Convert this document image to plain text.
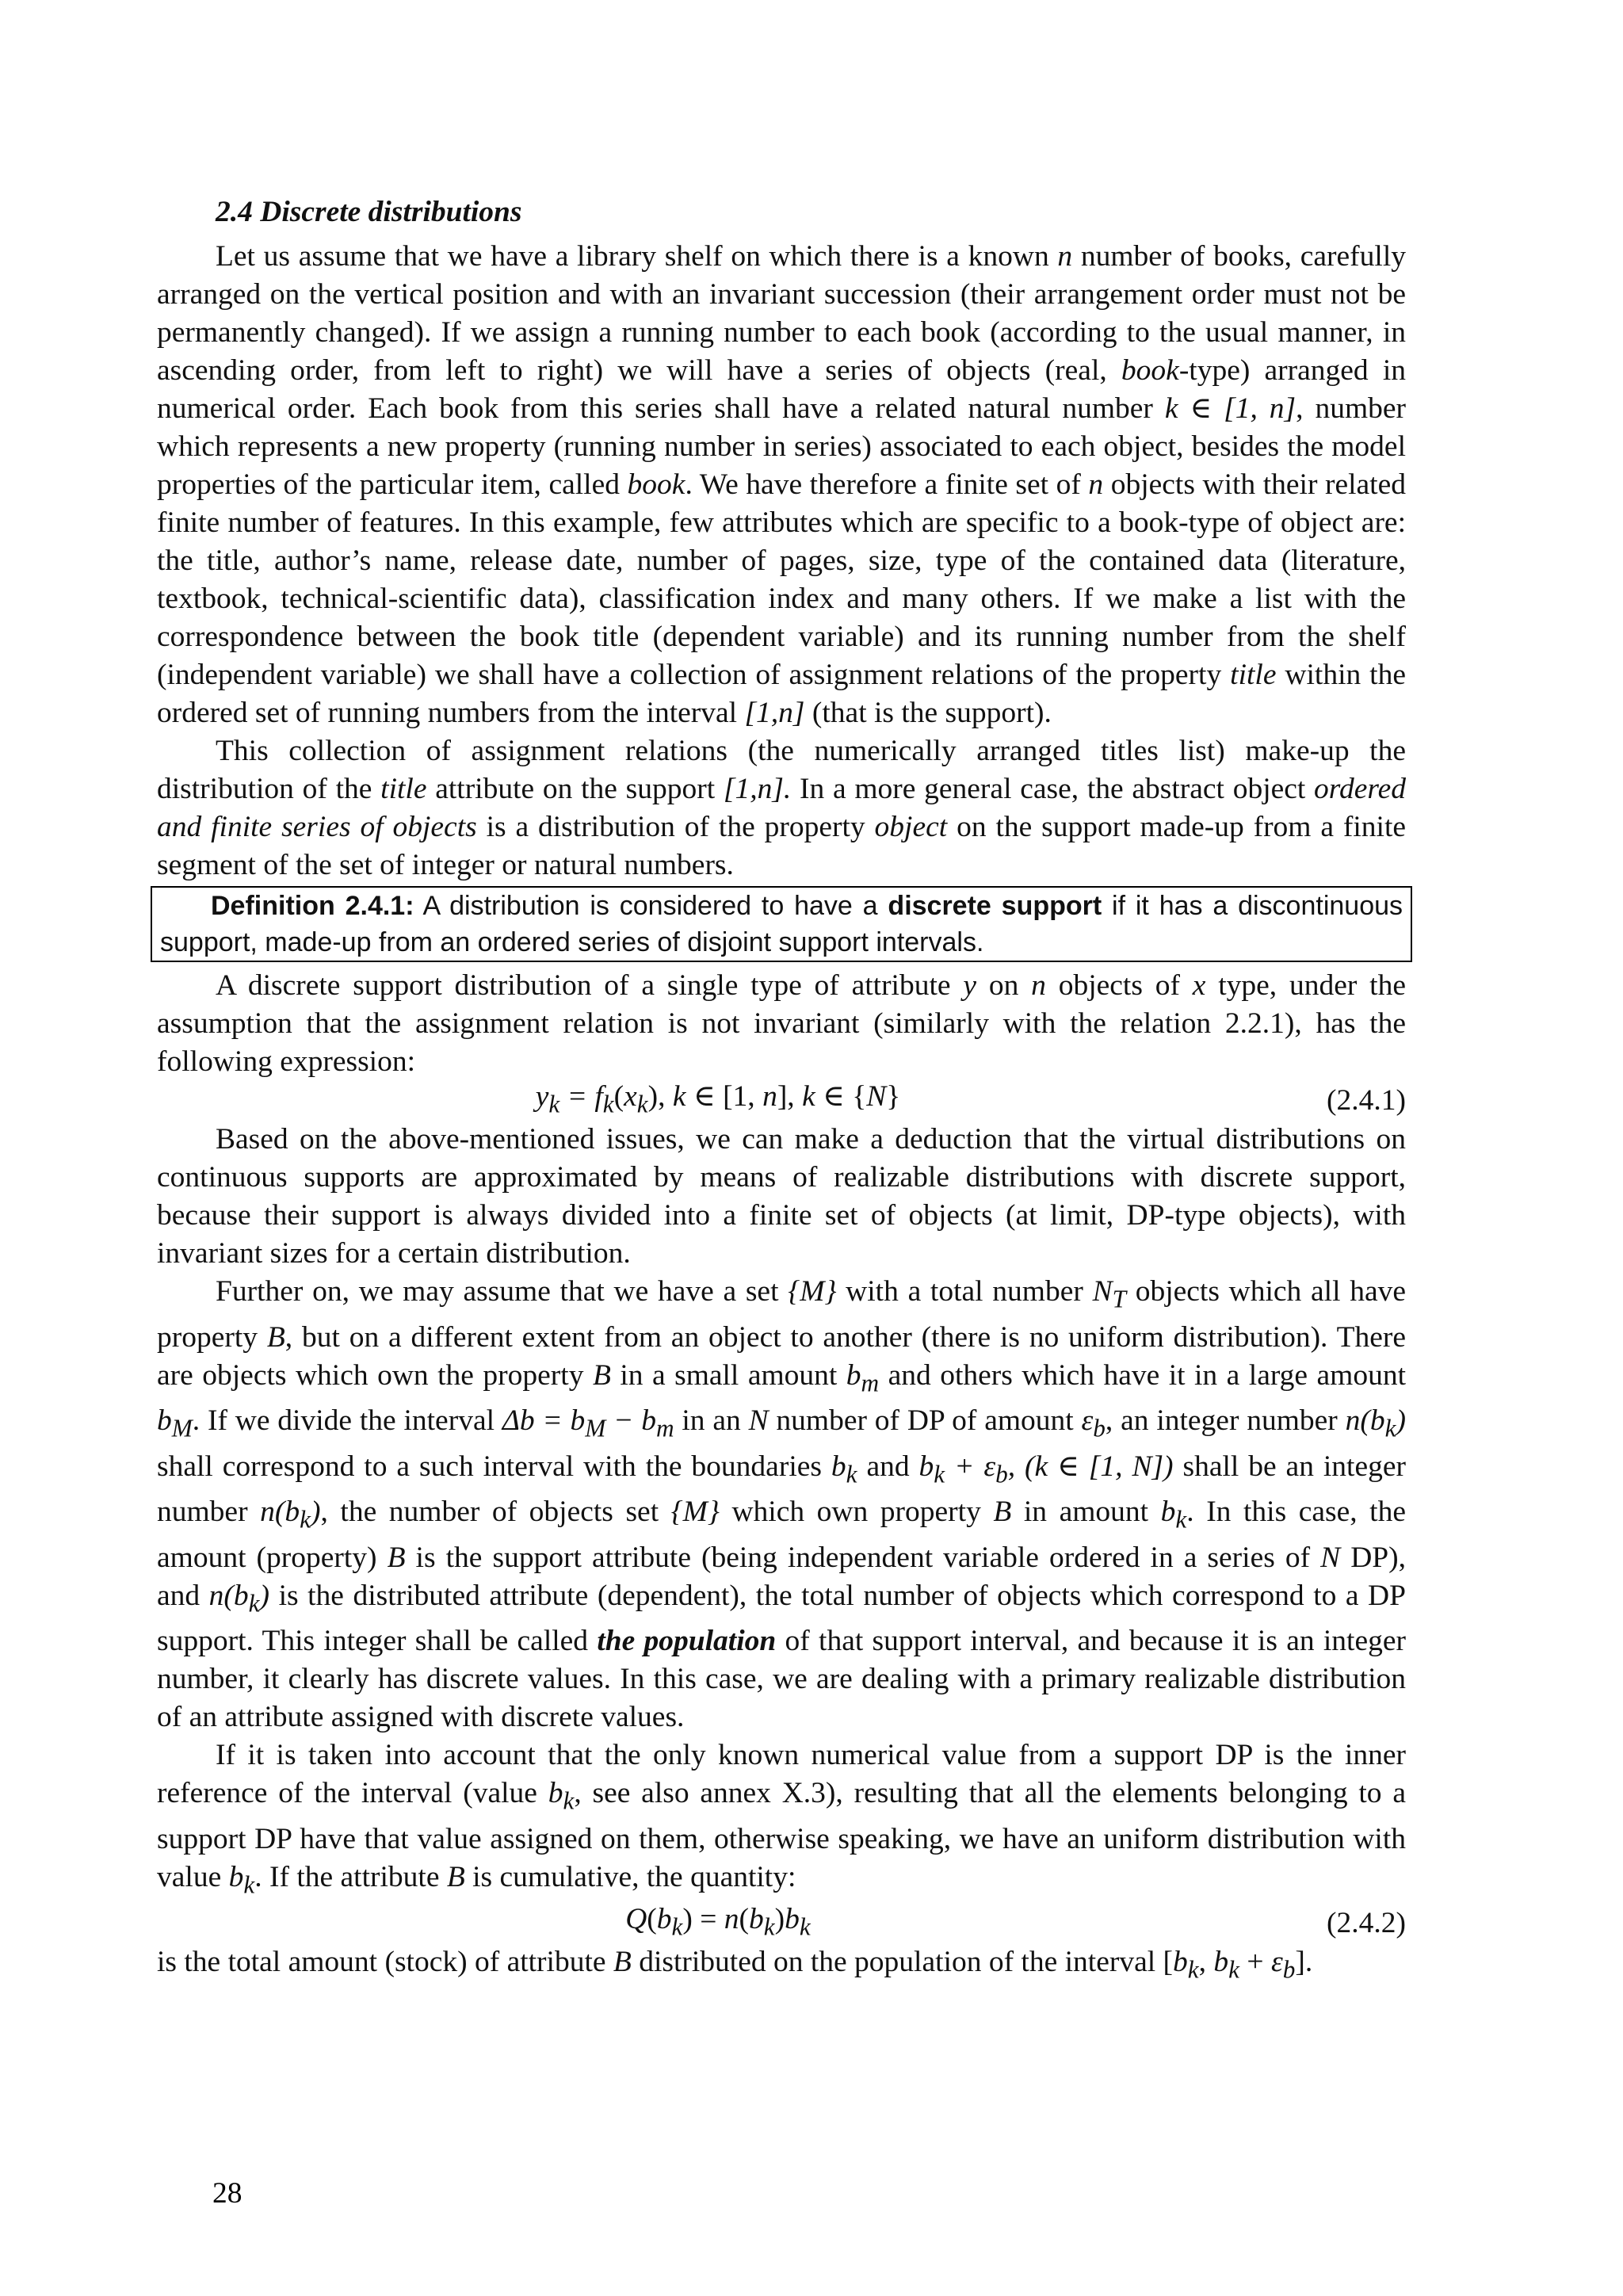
2.4 Discrete distributions

Let us assume that we have a library shelf on which there is a known n number of books, carefully arranged on the vertical position and with an invariant succession (their arrangement order must not be permanently changed). If we assign a running number to each book (according to the usual manner, in ascending order, from left to right) we will have a series of objects (real, book-type) arranged in numerical order. Each book from this series shall have a related natural number k ∈ [1, n], number which represents a new property (running number in series) associated to each object, besides the model properties of the particular item, called book. We have therefore a finite set of n objects with their related finite number of features. In this example, few attributes which are specific to a book-type of object are: the title, author’s name, release date, number of pages, size, type of the contained data (literature, textbook, technical-scientific data), classification index and many others. If we make a list with the correspondence between the book title (dependent variable) and its running number from the shelf (independent variable) we shall have a collection of assignment relations of the property title within the ordered set of running numbers from the interval [1,n] (that is the support).

This collection of assignment relations (the numerically arranged titles list) make-up the distribution of the title attribute on the support [1,n]. In a more general case, the abstract object ordered and finite series of objects is a distribution of the property object on the support made-up from a finite segment of the set of integer or natural numbers.

Definition 2.4.1: A distribution is considered to have a discrete support if it has a discontinuous support, made-up from an ordered series of disjoint support intervals.

A discrete support distribution of a single type of attribute y on n objects of x type, under the assumption that the assignment relation is not invariant (similarly with the relation 2.2.1), has the following expression:

$y_k = f_k(x_k)$, k ∈ [1, n], k ∈ {N}	(2.4.1)

Based on the above-mentioned issues, we can make a deduction that the virtual distributions on continuous supports are approximated by means of realizable distributions with discrete support, because their support is always divided into a finite set of objects (at limit, DP-type objects), with invariant sizes for a certain distribution.

Further on, we may assume that we have a set {M} with a total number $N_T$ objects which all have property B, but on a different extent from an object to another (there is no uniform distribution). There are objects which own the property B in a small amount $b_m$ and others which have it in a large amount $b_M$. If we divide the interval $\Delta b = b_M - b_m$ in an N number of DP of amount $\varepsilon_b$, an integer number $n(b_k)$ shall correspond to a such interval with the boundaries $b_k$ and $b_k + \varepsilon_b$, (k ∈ [1, N]) shall be an integer number $n(b_k)$, the number of objects set {M} which own property B in amount $b_k$. In this case, the amount (property) B is the support attribute (being independent variable ordered in a series of N DP), and $n(b_k)$ is the distributed attribute (dependent), the total number of objects which correspond to a DP support. This integer shall be called the population of that support interval, and because it is an integer number, it clearly has discrete values. In this case, we are dealing with a primary realizable distribution of an attribute assigned with discrete values.

If it is taken into account that the only known numerical value from a support DP is the inner reference of the interval (value $b_k$, see also annex X.3), resulting that all the elements belonging to a support DP have that value assigned on them, otherwise speaking, we have an uniform distribution with value $b_k$. If the attribute B is cumulative, the quantity:

$Q(b_k) = n(b_k)b_k$	(2.4.2)

is the total amount (stock) of attribute B distributed on the population of the interval [$b_k$, $b_k + \varepsilon_b$].

28
